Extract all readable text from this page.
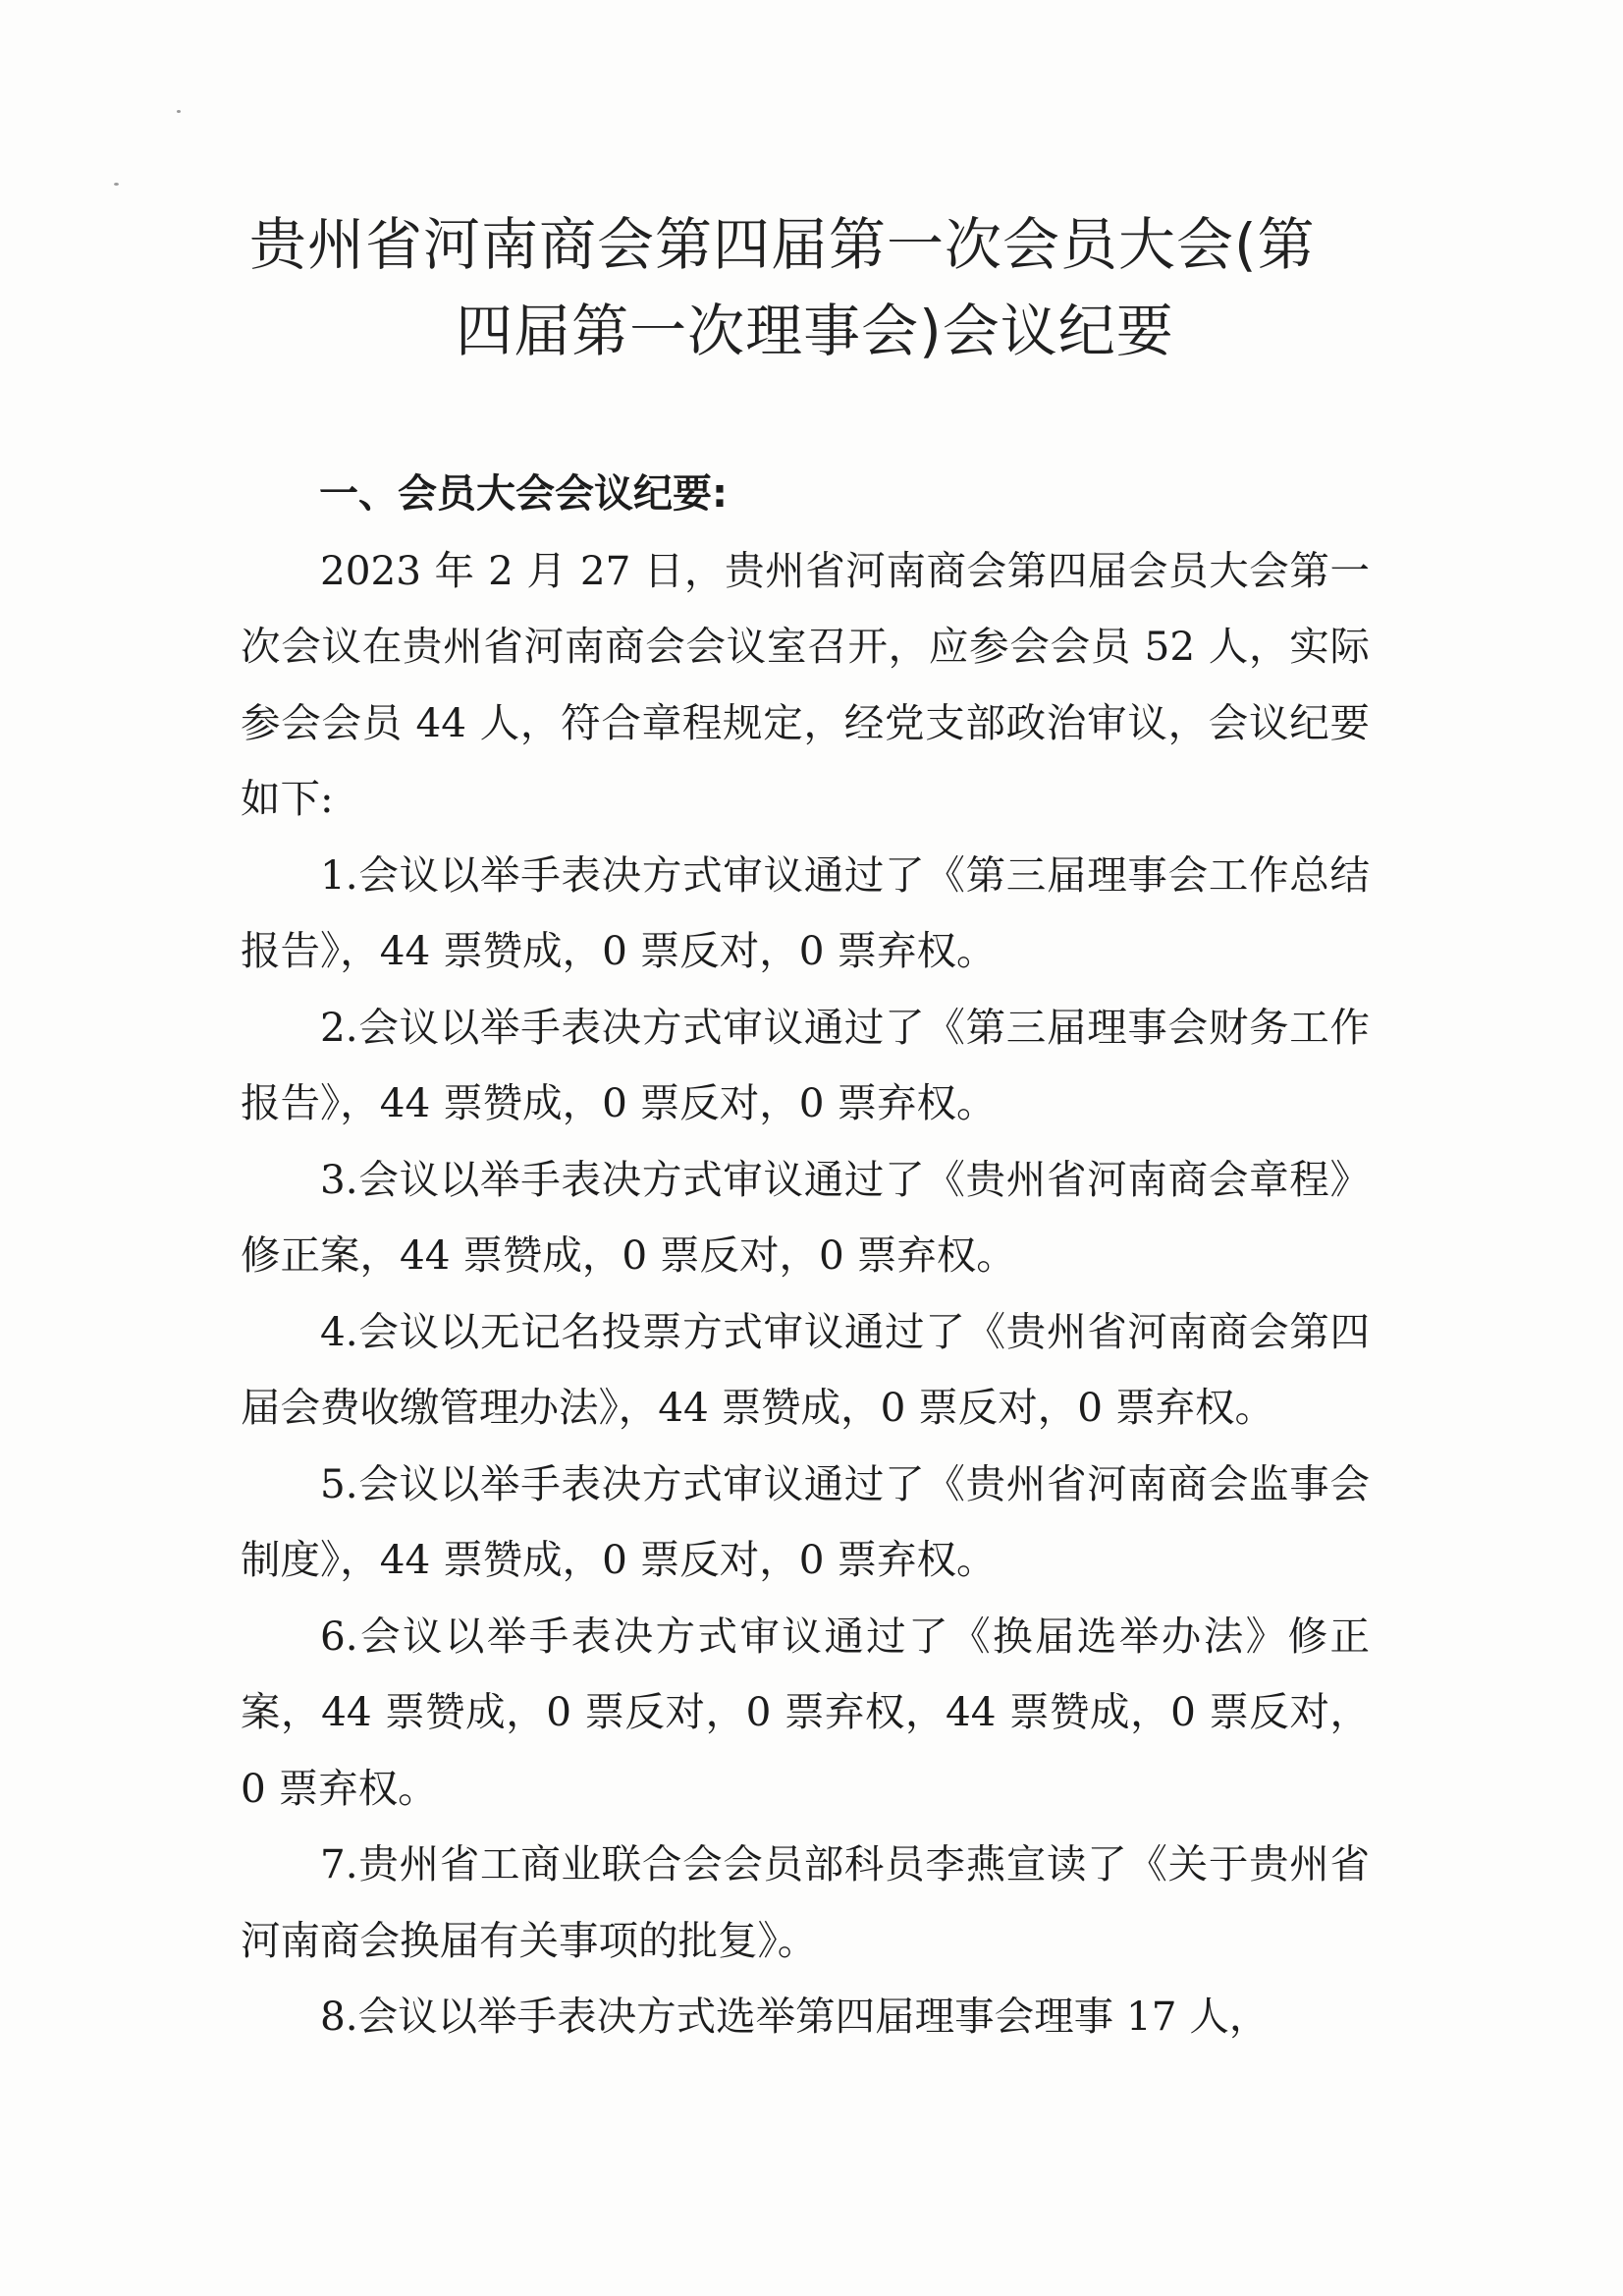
贵州省河南商会第四届第一次会员大会(第
四届第一次理事会)会议纪要

一、会员大会会议纪要:

2023 年 2 月 27 日，贵州省河南商会第四届会员大会第一次会议在贵州省河南商会会议室召开，应参会会员 52 人，实际参会会员 44 人，符合章程规定，经党支部政治审议，会议纪要如下:

1.会议以举手表决方式审议通过了《第三届理事会工作总结报告》，44 票赞成，0 票反对，0 票弃权。

2.会议以举手表决方式审议通过了《第三届理事会财务工作报告》，44 票赞成，0 票反对，0 票弃权。

3.会议以举手表决方式审议通过了《贵州省河南商会章程》修正案，44 票赞成，0 票反对，0 票弃权。

4.会议以无记名投票方式审议通过了《贵州省河南商会第四届会费收缴管理办法》，44 票赞成，0 票反对，0 票弃权。

5.会议以举手表决方式审议通过了《贵州省河南商会监事会制度》，44 票赞成，0 票反对，0 票弃权。

6.会议以举手表决方式审议通过了《换届选举办法》修正案，44 票赞成，0 票反对，0 票弃权，44 票赞成，0 票反对，0 票弃权。

7.贵州省工商业联合会会员部科员李燕宣读了《关于贵州省河南商会换届有关事项的批复》。

8.会议以举手表决方式选举第四届理事会理事 17 人，
